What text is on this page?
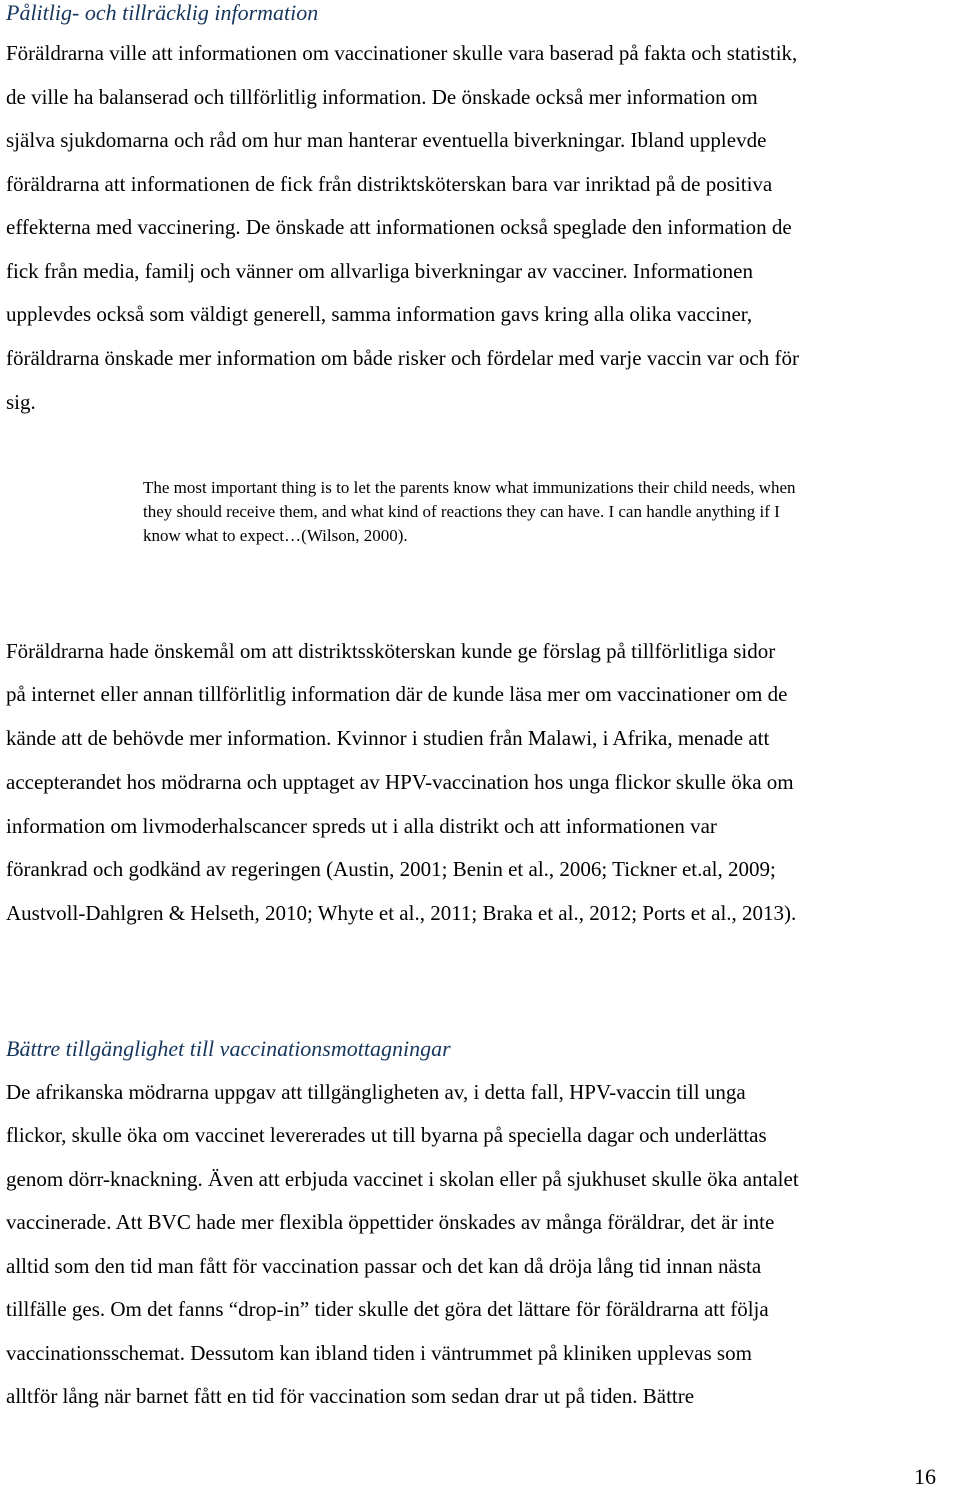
Pålitlig- och tillräcklig information

Föräldrarna ville att informationen om vaccinationer skulle vara baserad på fakta och statistik,

de ville ha balanserad och tillförlitlig information. De önskade också mer information om

själva sjukdomarna och råd om hur man hanterar eventuella biverkningar. Ibland upplevde

föräldrarna att informationen de fick från distriktsköterskan bara var inriktad på de positiva

effekterna med vaccinering. De önskade att informationen också speglade den information de

fick från media, familj och vänner om allvarliga biverkningar av vacciner. Informationen

upplevdes också som väldigt generell, samma information gavs kring alla olika vacciner,

föräldrarna önskade mer information om både risker och fördelar med varje vaccin var och för

sig.

The most important thing is to let the parents know what immunizations their child needs, when

they should receive them, and what kind of reactions they can have. I can handle anything if I

know what to expect…(Wilson, 2000).

Föräldrarna hade önskemål om att distriktssköterskan kunde ge förslag på tillförlitliga sidor

på internet eller annan tillförlitlig information där de kunde läsa mer om vaccinationer om de

kände att de behövde mer information. Kvinnor i studien från Malawi, i Afrika, menade att

accepterandet hos mödrarna och upptaget av HPV-vaccination hos unga flickor skulle öka om

information om livmoderhalscancer spreds ut i alla distrikt och att informationen var

förankrad och godkänd av regeringen (Austin, 2001; Benin et al., 2006; Tickner et.al, 2009;

Austvoll-Dahlgren & Helseth, 2010; Whyte et al., 2011; Braka et al., 2012; Ports et al., 2013).

Bättre tillgänglighet till vaccinationsmottagningar

De afrikanska mödrarna uppgav att tillgängligheten av, i detta fall, HPV-vaccin till unga

flickor, skulle öka om vaccinet levererades ut till byarna på speciella dagar och underlättas

genom dörr-knackning. Även att erbjuda vaccinet i skolan eller på sjukhuset skulle öka antalet

vaccinerade. Att BVC hade mer flexibla öppettider önskades av många föräldrar, det är inte

alltid som den tid man fått för vaccination passar och det kan då dröja lång tid innan nästa

tillfälle ges. Om det fanns “drop-in” tider skulle det göra det lättare för föräldrarna att följa

vaccinationsschemat. Dessutom kan ibland tiden i väntrummet på kliniken upplevas som

alltför lång när barnet fått en tid för vaccination som sedan drar ut på tiden. Bättre

16
